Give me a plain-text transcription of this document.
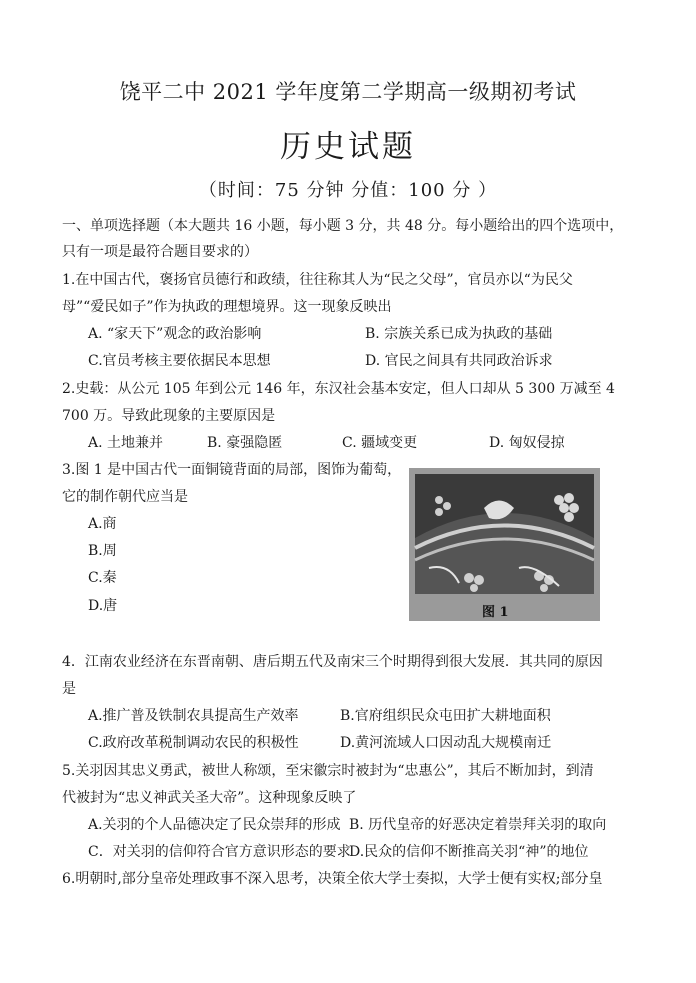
饶平二中 2021 学年度第二学期高一级期初考试
历史试题
（时间：75 分钟 分值：100 分 ）
一、单项选择题（本大题共 16 小题，每小题 3 分，共 48 分。每小题给出的四个选项中，
只有一项是最符合题目要求的）
1.在中国古代，褒扬官员德行和政绩，往往称其人为“民之父母”，官员亦以“为民父
母”“爱民如子”作为执政的理想境界。这一现象反映出
A. “家天下”观念的政治影响	B. 宗族关系已成为执政的基础
C.官员考核主要依据民本思想	D. 官民之间具有共同政治诉求
2.史载：从公元 105 年到公元 146 年，东汉社会基本安定，但人口却从 5 300 万减至 4
700 万。导致此现象的主要原因是
A. 土地兼并	B. 豪强隐匿	C. 疆域变更	D. 匈奴侵掠
3.图 1 是中国古代一面铜镜背面的局部，图饰为葡萄，
它的制作朝代应当是
A.商
B.周
C.秦
D.唐	图 1
4．江南农业经济在东晋南朝、唐后期五代及南宋三个时期得到很大发展．其共同的原因
是
A.推广普及铁制农具提高生产效率	B.官府组织民众屯田扩大耕地面积
C.政府改革税制调动农民的积极性	D.黄河流域人口因动乱大规模南迁
5.关羽因其忠义勇武，被世人称颂，至宋徽宗时被封为“忠惠公”，其后不断加封，到清
代被封为“忠义神武关圣大帝”。这种现象反映了
A.关羽的个人品德决定了民众崇拜的形成 B. 历代皇帝的好恶决定着崇拜关羽的取向
C．对关羽的信仰符合官方意识形态的要求
D.民众的信仰不断推高关羽“神”的地位
6.明朝时,部分皇帝处理政事不深入思考，决策全依大学士奏拟，大学士便有实权;部分皇
